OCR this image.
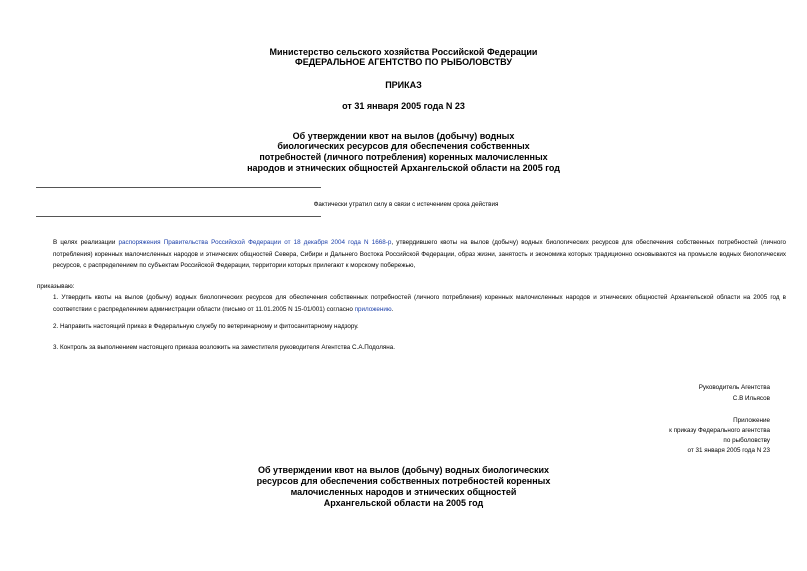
Министерство сельского хозяйства Российской Федерации
ФЕДЕРАЛЬНОЕ АГЕНТСТВО ПО РЫБОЛОВСТВУ
ПРИКАЗ
от 31 января 2005 года N 23
Об утверждении квот на вылов (добычу) водных
биологических ресурсов для обеспечения собственных
потребностей (личного потребления) коренных малочисленных
народов и этнических общностей Архангельской области на 2005 год
Фактически утратил силу в связи с истечением срока действия
В целях реализации распоряжения Правительства Российской Федерации от 18 декабря 2004 года N 1668-р, утвердившего квоты на вылов (добычу) водных биологических ресурсов для обеспечения собственных потребностей (личного потребления) коренных малочисленных народов и этнических общностей Севера, Сибири и Дальнего Востока Российской Федерации, образ жизни, занятость и экономика которых традиционно основываются на промысле водных биологических ресурсов, с распределением по субъектам Российской Федерации, территории которых прилегают к морскому побережью,
приказываю:
1. Утвердить квоты на вылов (добычу) водных биологических ресурсов для обеспечения собственных потребностей (личного потребления) коренных малочисленных народов и этнических общностей Архангельской области на 2005 год в соответствии с распределением администрации области (письмо от 11.01.2005 N 15-01/001) согласно приложению.
2. Направить настоящий приказ в Федеральную службу по ветеринарному и фитосанитарному надзору.
3. Контроль за выполнением настоящего приказа возложить на заместителя руководителя Агентства С.А.Подоляна.
Руководитель Агентства
С.В Ильясов
Приложение
к приказу Федерального агентства
по рыболовству
от 31 января 2005 года N 23
Об утверждении квот на вылов (добычу) водных биологических
ресурсов для обеспечения собственных потребностей коренных
малочисленных народов и этнических общностей
Архангельской области на 2005 год
